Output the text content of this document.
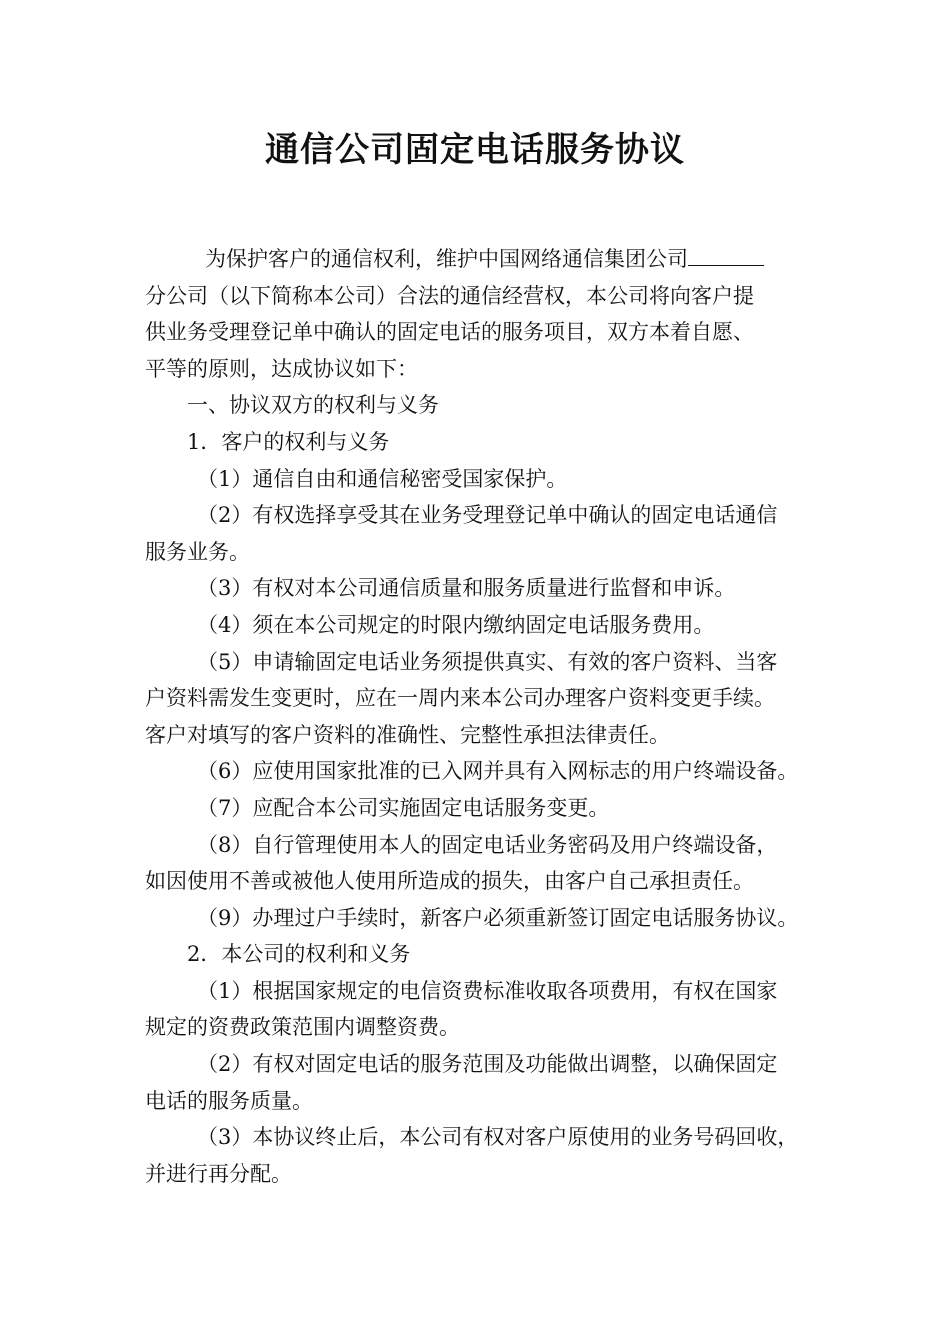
通信公司固定电话服务协议
为保护客户的通信权利，维护中国网络通信集团公司
分公司（以下简称本公司）合法的通信经营权，本公司将向客户提
供业务受理登记单中确认的固定电话的服务项目，双方本着自愿、
平等的原则，达成协议如下：
一、协议双方的权利与义务
1．客户的权利与义务
（1）通信自由和通信秘密受国家保护。
（2）有权选择享受其在业务受理登记单中确认的固定电话通信
服务业务。
（3）有权对本公司通信质量和服务质量进行监督和申诉。
（4）须在本公司规定的时限内缴纳固定电话服务费用。
（5）申请输固定电话业务须提供真实、有效的客户资料、当客
户资料需发生变更时，应在一周内来本公司办理客户资料变更手续。
客户对填写的客户资料的准确性、完整性承担法律责任。
（6）应使用国家批准的已入网并具有入网标志的用户终端设备。
（7）应配合本公司实施固定电话服务变更。
（8）自行管理使用本人的固定电话业务密码及用户终端设备，
如因使用不善或被他人使用所造成的损失，由客户自己承担责任。
（9）办理过户手续时，新客户必须重新签订固定电话服务协议。
2．本公司的权利和义务
（1）根据国家规定的电信资费标准收取各项费用，有权在国家
规定的资费政策范围内调整资费。
（2）有权对固定电话的服务范围及功能做出调整，以确保固定
电话的服务质量。
（3）本协议终止后，本公司有权对客户原使用的业务号码回收，
并进行再分配。
